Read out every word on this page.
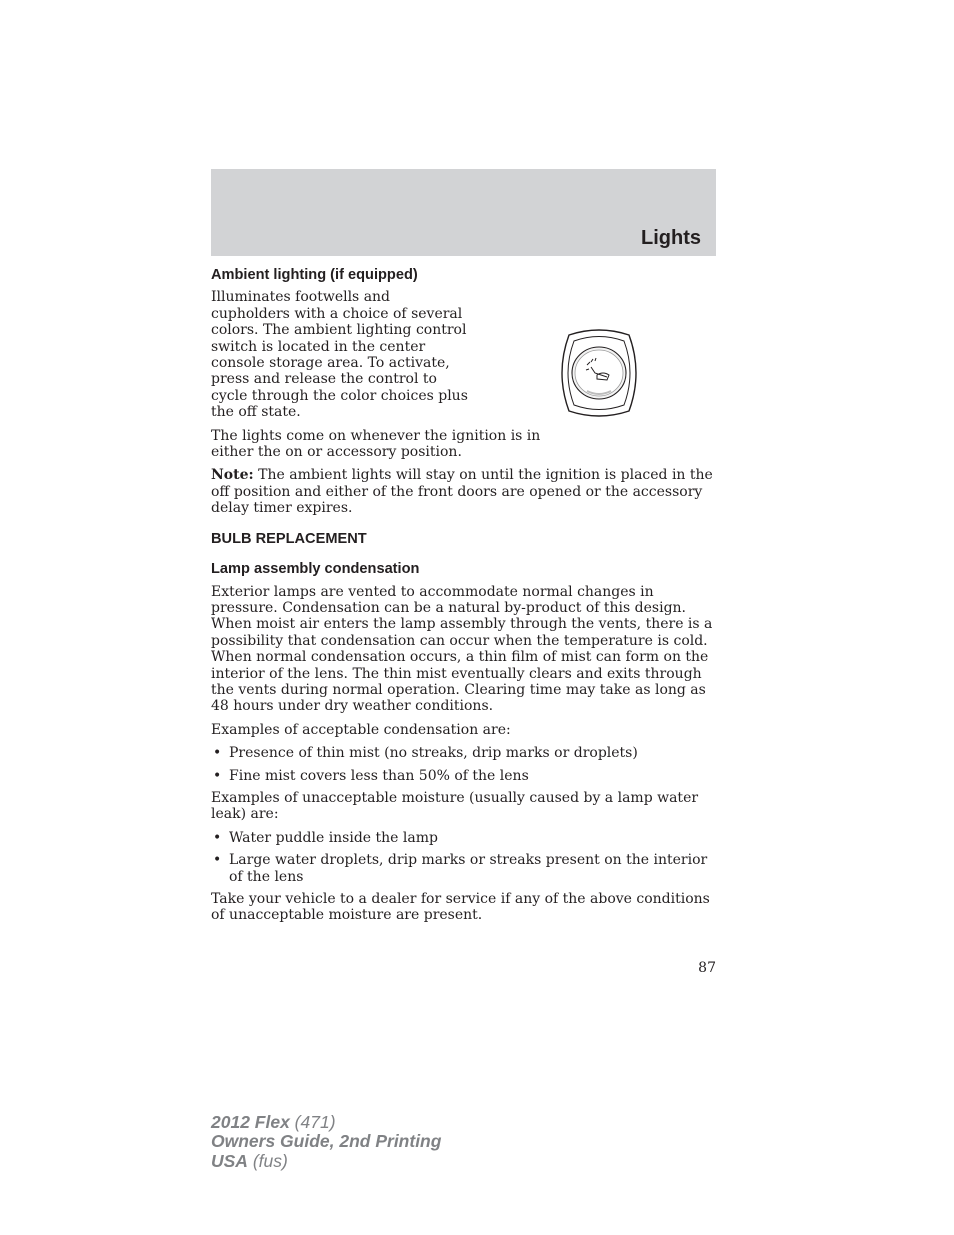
Lights
Ambient lighting (if equipped)

Illuminates footwells and cupholders with a choice of several colors. The ambient lighting control switch is located in the center console storage area. To activate, press and release the control to cycle through the color choices plus the off state.

The lights come on whenever the ignition is in either the on or accessory position.

Note: The ambient lights will stay on until the ignition is placed in the off position and either of the front doors are opened or the accessory delay timer expires.

BULB REPLACEMENT
Lamp assembly condensation

Exterior lamps are vented to accommodate normal changes in pressure. Condensation can be a natural by-product of this design. When moist air enters the lamp assembly through the vents, there is a possibility that condensation can occur when the temperature is cold. When normal condensation occurs, a thin film of mist can form on the interior of the lens. The thin mist eventually clears and exits through the vents during normal operation. Clearing time may take as long as 48 hours under dry weather conditions.

Examples of acceptable condensation are:

• Presence of thin mist (no streaks, drip marks or droplets)
• Fine mist covers less than 50% of the lens

Examples of unacceptable moisture (usually caused by a lamp water leak) are:

• Water puddle inside the lamp
• Large water droplets, drip marks or streaks present on the interior of the lens

Take your vehicle to a dealer for service if any of the above conditions of unacceptable moisture are present.

87
2012 Flex (471)
Owners Guide, 2nd Printing
USA (fus)
